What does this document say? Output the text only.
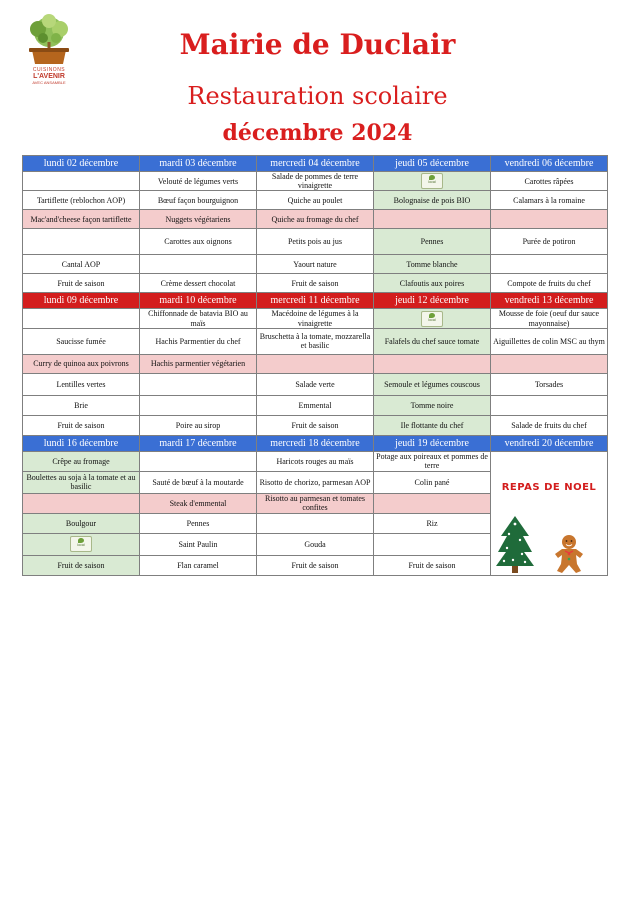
CUISINONS
L'AVENIR
AVEC ANSAMBLE
Mairie de Duclair
Restauration scolaire
décembre 2024
lundi 02 décembre	mardi 03 décembre	mercredi 04 décembre	jeudi 05 décembre	vendredi 06 décembre
	Velouté de légumes verts	Salade de pommes de terre vinaigrette	local	Carottes râpées
Tartiflette (reblochon AOP)	Bœuf façon bourguignon	Quiche au poulet	Bolognaise de pois BIO	Calamars à la romaine
Mac'and'cheese façon tartiflette	Nuggets végétariens	Quiche au fromage du chef		
	Carottes aux oignons	Petits pois au jus	Pennes	Purée de potiron
Cantal AOP		Yaourt nature	Tomme blanche	
Fruit de saison	Crème dessert chocolat	Fruit de saison	Clafoutis aux poires	Compote de fruits du chef
lundi 09 décembre	mardi 10 décembre	mercredi 11 décembre	jeudi 12 décembre	vendredi 13 décembre
	Chiffonnade de batavia BIO au maïs	Macédoine de légumes à la vinaigrette	local	Mousse de foie (oeuf dur sauce mayonnaise)
Saucisse fumée	Hachis Parmentier du chef	Bruschetta à la tomate, mozzarella et basilic	Falafels du chef sauce tomate	Aiguillettes de colin MSC au thym
Curry de quinoa aux poivrons	Hachis parmentier végétarien			
Lentilles vertes		Salade verte	Semoule et légumes couscous	Torsades
Brie		Emmental	Tomme noire	
Fruit de saison	Poire au sirop	Fruit de saison	Ile flottante du chef	Salade de fruits du chef
lundi 16 décembre	mardi 17 décembre	mercredi 18 décembre	jeudi 19 décembre	vendredi 20 décembre
Crêpe au fromage		Haricots rouges au maïs	Potage aux poireaux et pommes de terre	REPAS DE NOEL

Boulettes au soja à la tomate et au basilic	Sauté de bœuf à la moutarde	Risotto de chorizo, parmesan AOP	Colin pané	
	Steak d'emmental	Risotto au parmesan et tomates confites		
Boulgour	Pennes		Riz	

local	Saint Paulin	Gouda		
Fruit de saison	Flan caramel	Fruit de saison	Fruit de saison	
